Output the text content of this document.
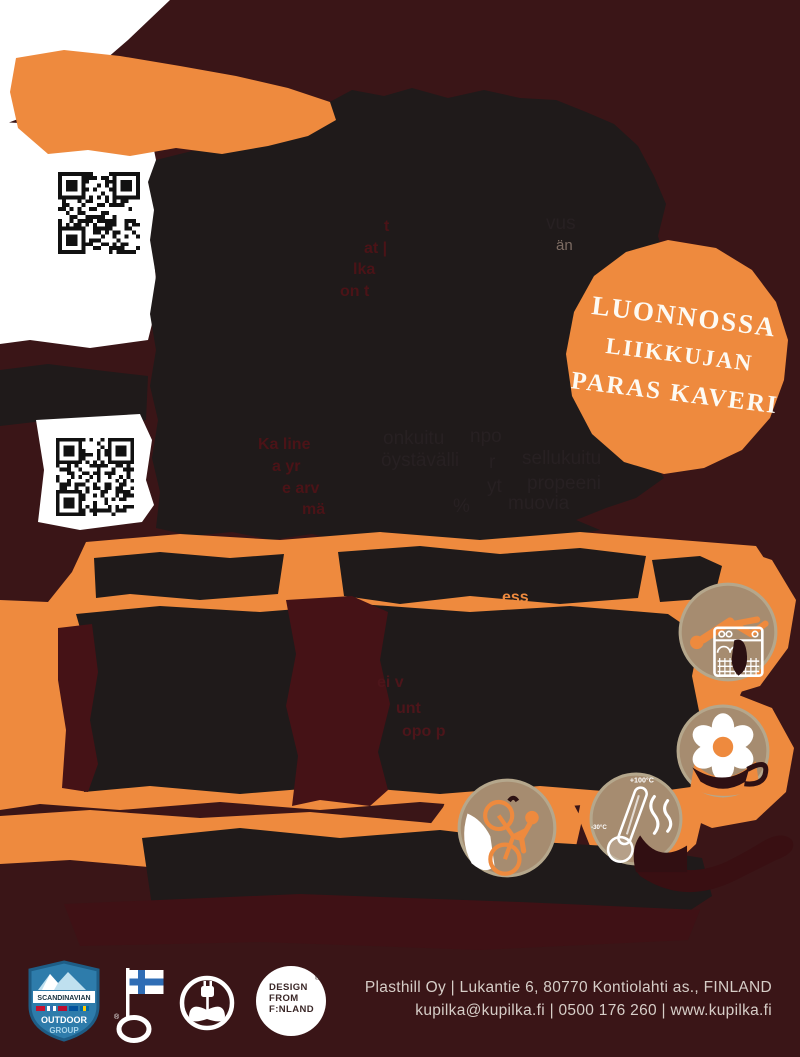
LUONNOSSA
LIIKKUJAN
PARAS KAVERI
vus
än
t
at |
lka
on t
onkuitu npo
öystävälli r sellukuitu
yt propeeni
% muovia
Ka line
a yr
e arv
mä
ei v
unt
opo p
ess
+100°C
-30°C
SCANDINAVIAN
OUTDOOR
GROUP
®
DESIGN
FROM
F:NLAND
®
Plasthill Oy | Lukantie 6, 80770 Kontiolahti as., FINLAND
kupilka@kupilka.fi | 0500 176 260 | www.kupilka.fi
